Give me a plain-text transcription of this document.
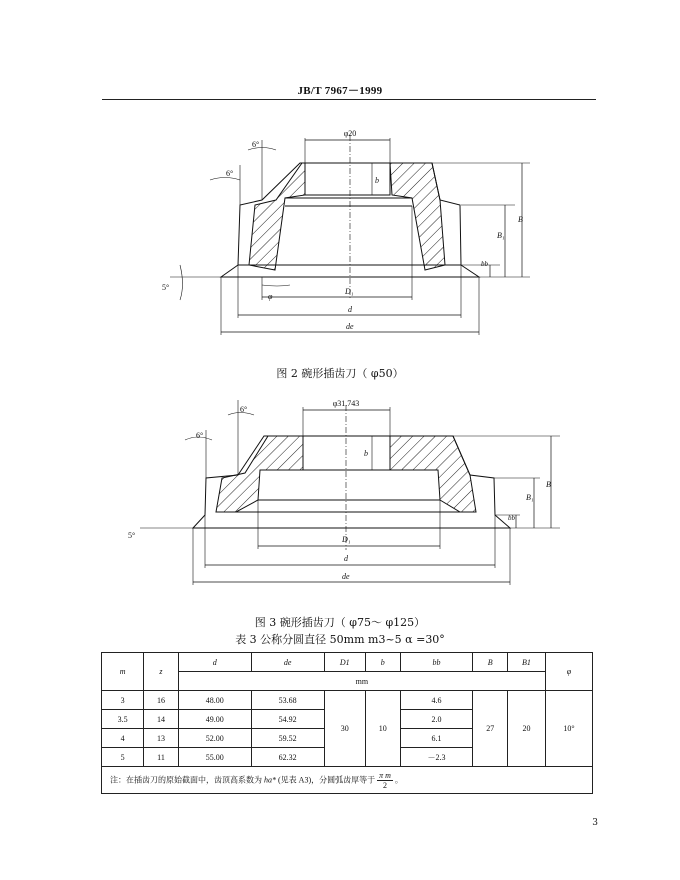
JB/T 7967－1999
φ20
6°
6°
5°
b
B
B₁
bb
D₁
d
de
φ
图 2 碗形插齿刀（ φ50）
φ31.743
6°
6°
5°
b
B
B₁
bb
D₁
d
de
图 3 碗形插齿刀（ φ75～ φ125）
表 3 公称分圆直径 50mm m3~5 α =30°
m	z	d	de	D1	b	bb	B	B1	φ
		mm							
3	16	48.00	53.68	30	10	4.6	27	20	10°
3.5	14	49.00	54.92			2.0			
4	13	52.00	59.52			6.1			
5	11	55.00	62.32			－2.3			
注：在插齿刀的原始截面中，齿顶高系数为 ha* (见表 A3)，分圆弧齿厚等于 $\frac{\text{π m}}{2}$ 。									
3
